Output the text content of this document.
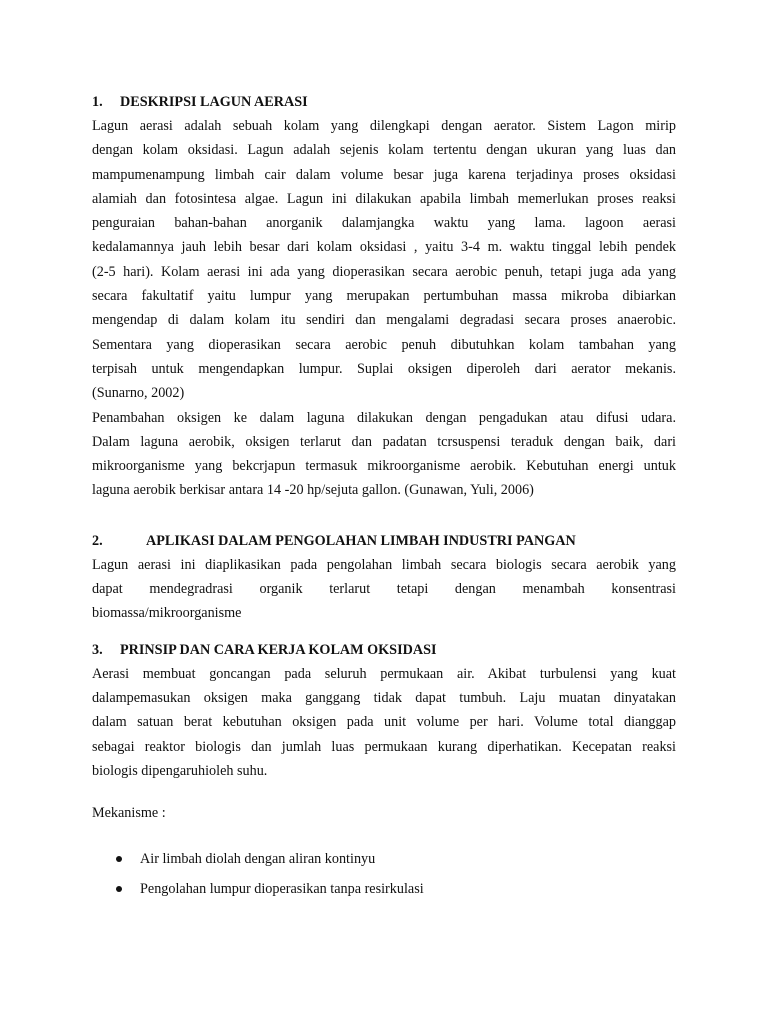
1. DESKRIPSI LAGUN AERASI
Lagun aerasi adalah sebuah kolam yang dilengkapi dengan aerator. Sistem Lagon mirip
dengan kolam oksidasi. Lagun adalah sejenis kolam tertentu dengan ukuran yang luas dan
mampumenampung limbah cair dalam volume besar juga karena terjadinya proses oksidasi
alamiah dan fotosintesa algae. Lagun ini dilakukan apabila limbah memerlukan proses reaksi
penguraian bahan-bahan anorganik dalamjangka waktu yang lama. lagoon aerasi
kedalamannya jauh lebih besar dari kolam oksidasi , yaitu 3-4 m. waktu tinggal lebih pendek
(2-5 hari). Kolam aerasi ini ada yang dioperasikan secara aerobic penuh, tetapi juga ada yang
secara fakultatif yaitu lumpur yang merupakan pertumbuhan massa mikroba dibiarkan
mengendap di dalam kolam itu sendiri dan mengalami degradasi secara proses anaerobic.
Sementara yang dioperasikan secara aerobic penuh dibutuhkan kolam tambahan yang
terpisah untuk mengendapkan lumpur. Suplai oksigen diperoleh dari aerator mekanis.
(Sunarno, 2002)
Penambahan oksigen ke dalam laguna dilakukan dengan pengadukan atau difusi udara.
Dalam laguna aerobik, oksigen terlarut dan padatan tcrsuspensi teraduk dengan baik, dari
mikroorganisme yang bekcrjapun termasuk mikroorganisme aerobik. Kebutuhan energi untuk
laguna aerobik berkisar antara 14 -20 hp/sejuta gallon. (Gunawan, Yuli, 2006)
2.	APLIKASI DALAM PENGOLAHAN LIMBAH INDUSTRI PANGAN
Lagun aerasi ini diaplikasikan pada pengolahan limbah secara biologis secara aerobik yang
dapat mendegradrasi organik terlarut tetapi dengan menambah konsentrasi
biomassa/mikroorganisme
3. PRINSIP DAN CARA KERJA KOLAM OKSIDASI
Aerasi membuat goncangan pada seluruh permukaan air. Akibat turbulensi yang kuat
dalampemasukan oksigen maka ganggang tidak dapat tumbuh. Laju muatan dinyatakan
dalam satuan berat kebutuhan oksigen pada unit volume per hari. Volume total dianggap
sebagai reaktor biologis dan jumlah luas permukaan kurang diperhatikan. Kecepatan reaksi
biologis dipengaruhioleh suhu.

Mekanisme :

Air limbah diolah dengan aliran kontinyu
Pengolahan lumpur dioperasikan tanpa resirkulasi
